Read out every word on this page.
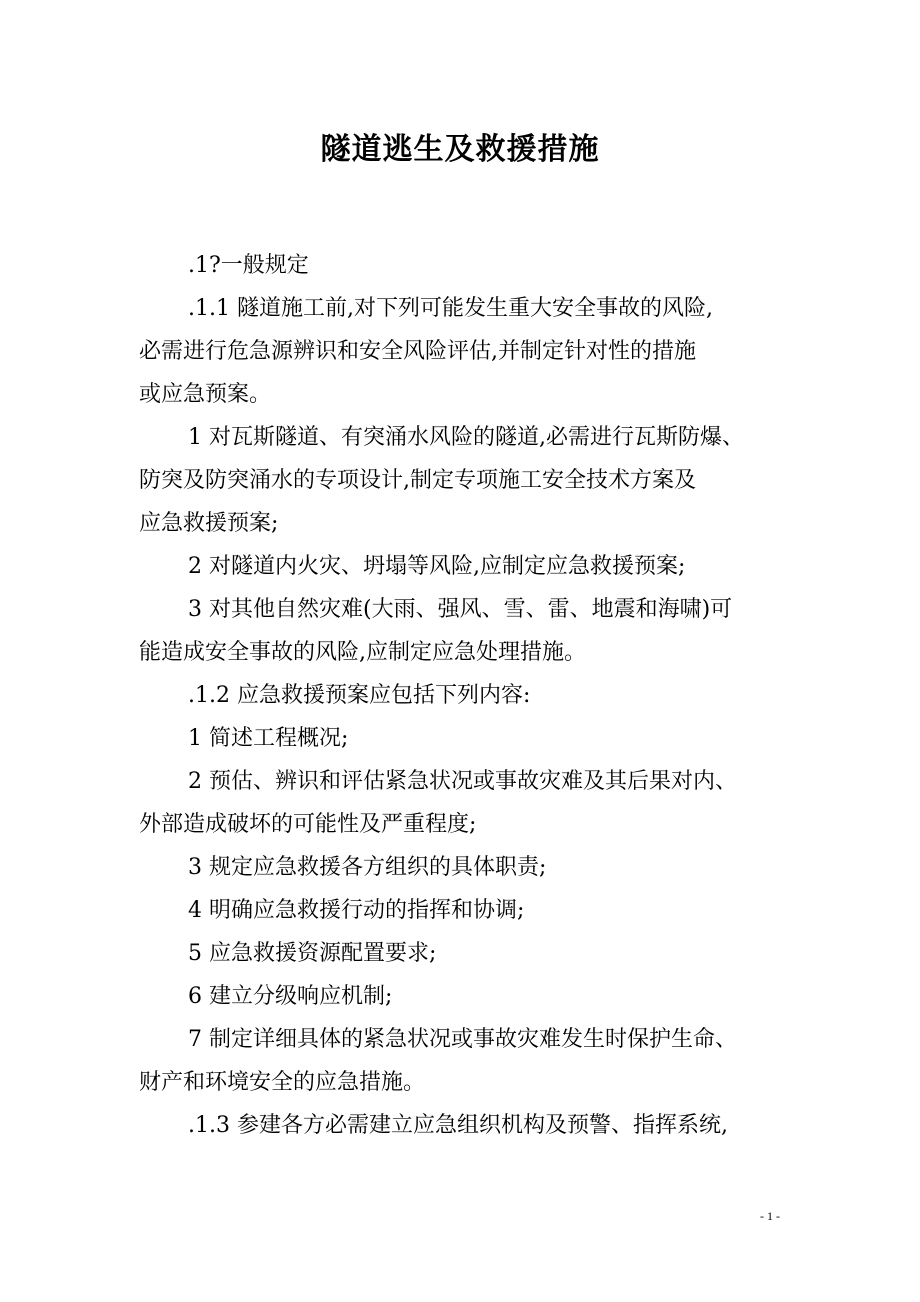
隧道逃生及救援措施
.1?一般规定
.1.1 隧道施工前,对下列可能发生重大安全事故的风险,
必需进行危急源辨识和安全风险评估,并制定针对性的措施
或应急预案。
1 对瓦斯隧道、有突涌水风险的隧道,必需进行瓦斯防爆、
防突及防突涌水的专项设计,制定专项施工安全技术方案及
应急救援预案;
2 对隧道内火灾、坍塌等风险,应制定应急救援预案;
3 对其他自然灾难(大雨、强风、雪、雷、地震和海啸)可
能造成安全事故的风险,应制定应急处理措施。
.1.2 应急救援预案应包括下列内容:
1 简述工程概况;
2 预估、辨识和评估紧急状况或事故灾难及其后果对内、
外部造成破坏的可能性及严重程度;
3 规定应急救援各方组织的具体职责;
4 明确应急救援行动的指挥和协调;
5 应急救援资源配置要求;
6 建立分级响应机制;
7 制定详细具体的紧急状况或事故灾难发生时保护生命、
财产和环境安全的应急措施。
.1.3 参建各方必需建立应急组织机构及预警、指挥系统,
- 1 -
